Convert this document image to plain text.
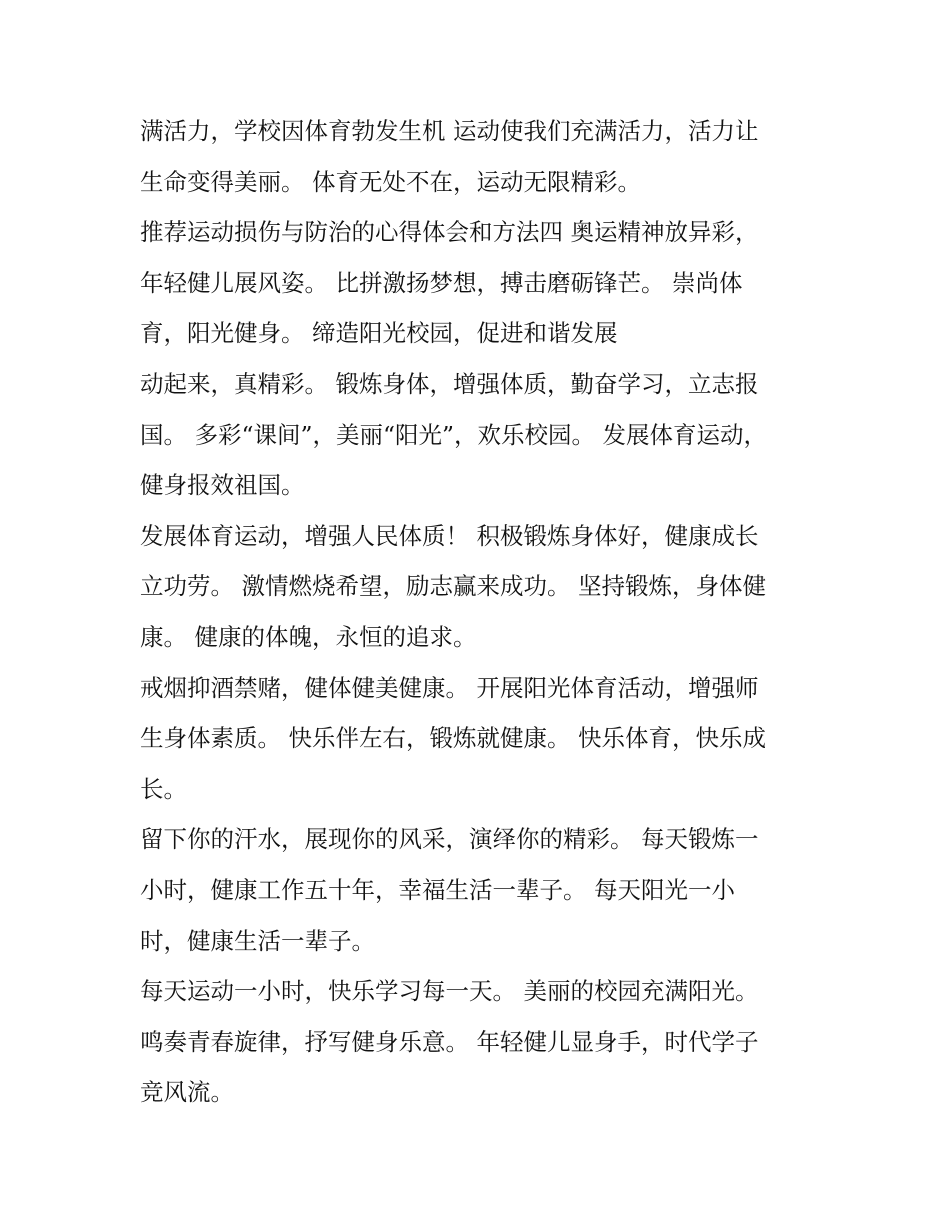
满活力，学校因体育勃发生机 运动使我们充满活力，活力让
生命变得美丽。 体育无处不在，运动无限精彩。
推荐运动损伤与防治的心得体会和方法四 奥运精神放异彩，
年轻健儿展风姿。 比拼激扬梦想，搏击磨砺锋芒。 崇尚体
育，阳光健身。 缔造阳光校园，促进和谐发展
动起来，真精彩。 锻炼身体，增强体质，勤奋学习，立志报
国。 多彩“课间”，美丽“阳光”，欢乐校园。 发展体育运动，
健身报效祖国。
发展体育运动，增强人民体质！ 积极锻炼身体好，健康成长
立功劳。 激情燃烧希望，励志赢来成功。 坚持锻炼，身体健
康。 健康的体魄，永恒的追求。
戒烟抑酒禁赌，健体健美健康。 开展阳光体育活动，增强师
生身体素质。 快乐伴左右，锻炼就健康。 快乐体育，快乐成
长。
留下你的汗水，展现你的风采，演绎你的精彩。 每天锻炼一
小时，健康工作五十年，幸福生活一辈子。 每天阳光一小
时，健康生活一辈子。
每天运动一小时，快乐学习每一天。 美丽的校园充满阳光。
鸣奏青春旋律，抒写健身乐意。 年轻健儿显身手，时代学子
竞风流。
